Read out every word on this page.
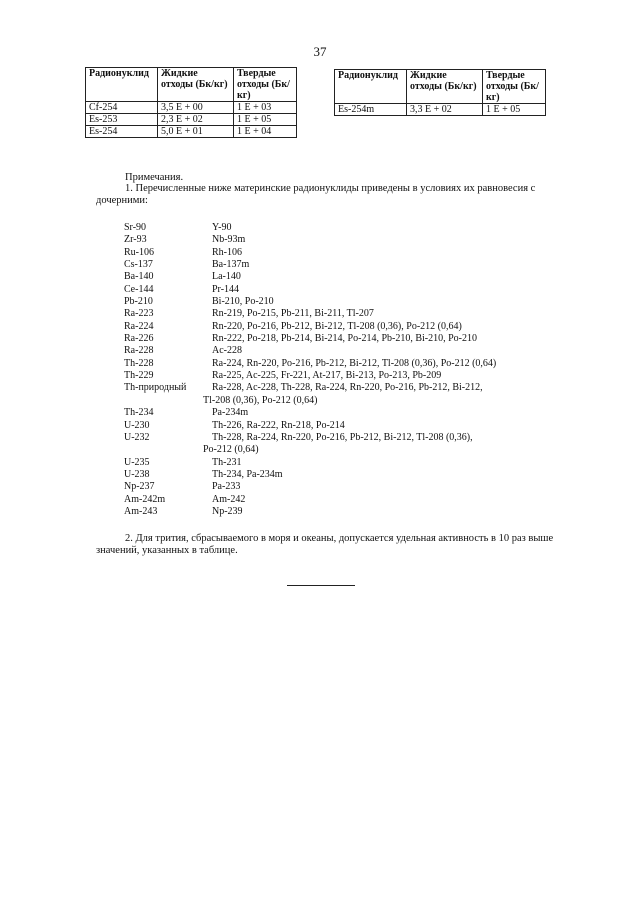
37
Радионуклид	Жидкие отходы (Бк/кг)	Твердые отходы (Бк/кг)
Cf-254	3,5 E + 00	1 E + 03
Es-253	2,3 E + 02	1 E + 05
Es-254	5,0 E + 01	1 E + 04
Радионуклид	Жидкие отходы (Бк/кг)	Твердые отходы (Бк/кг)
Es-254m	3,3 E + 02	1 E + 05
Примечания.
1. Перечисленные ниже материнские радионуклиды приведены в условиях их равновесия с дочерними:
Sr-90	Y-90
Zr-93	Nb-93m
Ru-106	Rh-106
Cs-137	Ba-137m
Ba-140	La-140
Ce-144	Pr-144
Pb-210	Bi-210, Po-210
Ra-223	Rn-219, Po-215, Pb-211, Bi-211, Tl-207
Ra-224	Rn-220, Po-216, Pb-212, Bi-212, Tl-208 (0,36), Po-212 (0,64)
Ra-226	Rn-222, Po-218, Pb-214, Bi-214, Po-214, Pb-210, Bi-210, Po-210
Ra-228	Ac-228
Th-228	Ra-224, Rn-220, Po-216, Pb-212, Bi-212, Tl-208 (0,36), Po-212 (0,64)
Th-229	Ra-225, Ac-225, Fr-221, At-217, Bi-213, Po-213, Pb-209
Th-природный	Ra-228, Ac-228, Th-228, Ra-224, Rn-220, Po-216, Pb-212, Bi-212,
Tl-208 (0,36), Po-212 (0,64)
Th-234	Pa-234m
U-230	Th-226, Ra-222, Rn-218, Po-214
U-232	Th-228, Ra-224, Rn-220, Po-216, Pb-212, Bi-212, Tl-208 (0,36),
Po-212 (0,64)
U-235	Th-231
U-238	Th-234, Pa-234m
Np-237	Pa-233
Am-242m	Am-242
Am-243	Np-239
2. Для трития, сбрасываемого в моря и океаны, допускается удельная активность в 10 раз выше значений, указанных в таблице.
